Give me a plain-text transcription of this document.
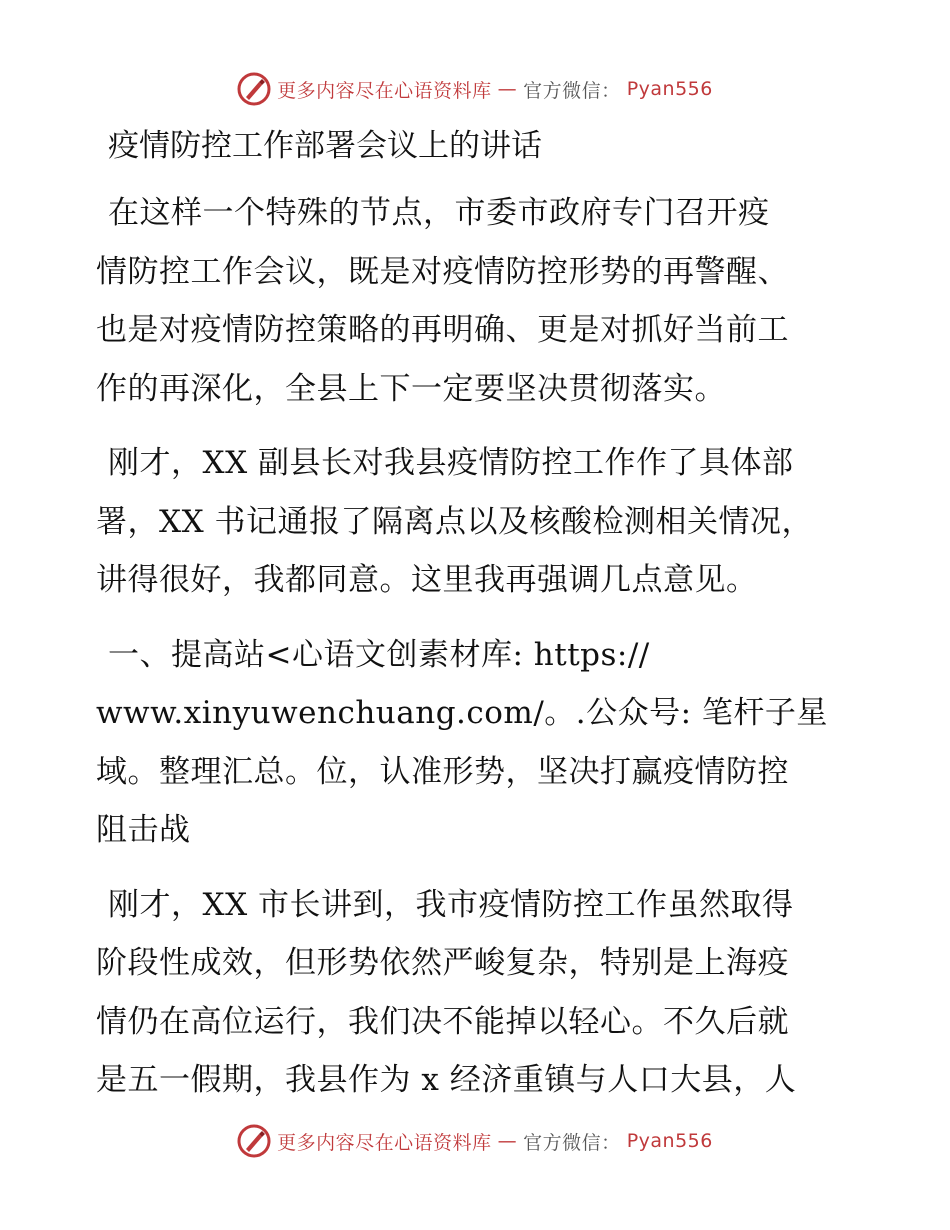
更多内容尽在心语资料库 — 官方微信： Pyan556
疫情防控工作部署会议上的讲话
在这样一个特殊的节点，市委市政府专门召开疫
情防控工作会议，既是对疫情防控形势的再警醒、
也是对疫情防控策略的再明确、更是对抓好当前工
作的再深化，全县上下一定要坚决贯彻落实。
刚才，XX 副县长对我县疫情防控工作作了具体部
署，XX 书记通报了隔离点以及核酸检测相关情况，
讲得很好，我都同意。这里我再强调几点意见。
一、提高站<心语文创素材库: https://
www.xinyuwenchuang.com/。.公众号: 笔杆子星
域。整理汇总。位，认准形势，坚决打赢疫情防控
阻击战
刚才，XX 市长讲到，我市疫情防控工作虽然取得
阶段性成效，但形势依然严峻复杂，特别是上海疫
情仍在高位运行，我们决不能掉以轻心。不久后就
是五一假期，我县作为 x 经济重镇与人口大县，人
更多内容尽在心语资料库 — 官方微信： Pyan556
